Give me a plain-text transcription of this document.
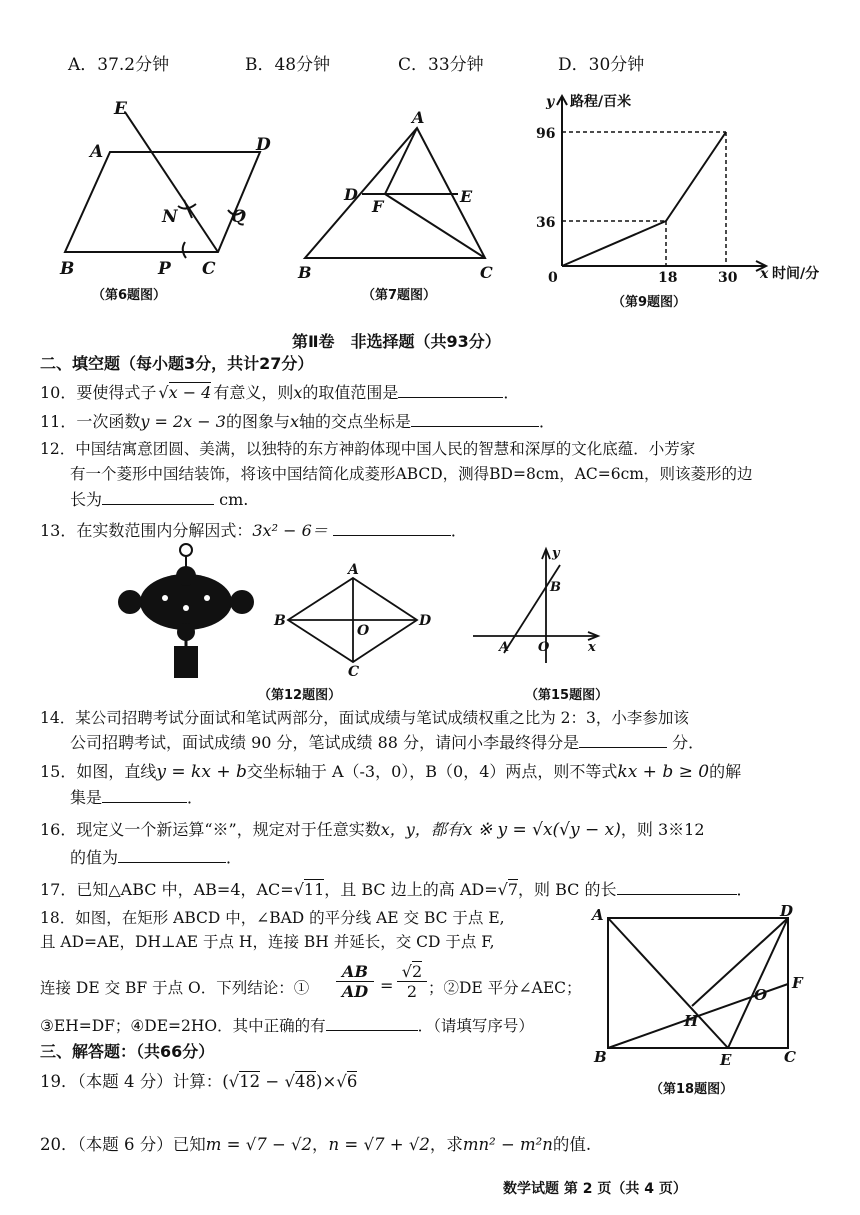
A．37.2分钟	B．48分钟	C．33分钟	D．30分钟
E
A	D
N	Q
B	P C
（第6题图）
A
D	E
F
B	C
（第7题图）
y 路程/百米
96
36
0	18	30 x 时间/分
（第9题图）
第Ⅱ卷　非选择题（共93分）
二、填空题（每小题3分，共计27分）
10．要使得式子 √x − 4 有意义，则x的取值范围是	．
11．一次函数y = 2x − 3的图象与x轴的交点坐标是	．
12．中国结寓意团圆、美满，以独特的东方神韵体现中国人民的智慧和深厚的文化底蕴．小芳家
有一个菱形中国结装饰，将该中国结简化成菱形ABCD，测得BD=8cm，AC=6cm，则该菱形的边
长为	cm.
13．在实数范围内分解因式：3x² − 6＝	．
A
B
C
D
O
（第12题图）
y
B
A O	x
（第15题图）
14．某公司招聘考试分面试和笔试两部分，面试成绩与笔试成绩权重之比为 2：3，小李参加该
公司招聘考试，面试成绩 90 分，笔试成绩 88 分，请问小李最终得分是	分．
15．如图，直线y = kx + b交坐标轴于 A（-3，0），B（0，4）两点，则不等式kx + b ≥ 0的解
集是	．
16．现定义一个新运算“※”，规定对于任意实数x，y，都有x ※ y = √x(√y − x)，则 3※12
的值为	．
17．已知△ABC 中，AB=4，AC=√11，且 BC 边上的高 AD=√7，则 BC 的长	．
18．如图，在矩形 ABCD 中，∠BAD 的平分线 AE 交 BC 于点 E,
且 AD=AE，DH⊥AE 于点 H，连接 BH 并延长，交 CD 于点 F,
连接 DE 交 BF 于点 O．下列结论：①
AB
AD =
√2
2 ；②DE 平分∠AEC；
③EH=DF；④DE=2HO．其中正确的有	．（请填写序号）
A	D
F
O
H
B	E	C
（第18题图）
三、解答题：（共66分）
19．（本题 4 分）计算：(√12 − √48)×√6
20．（本题 6 分）已知m = √7 − √2，n = √7 + √2，求mn² − m²n的值.
数学试题 第 2 页（共 4 页）
